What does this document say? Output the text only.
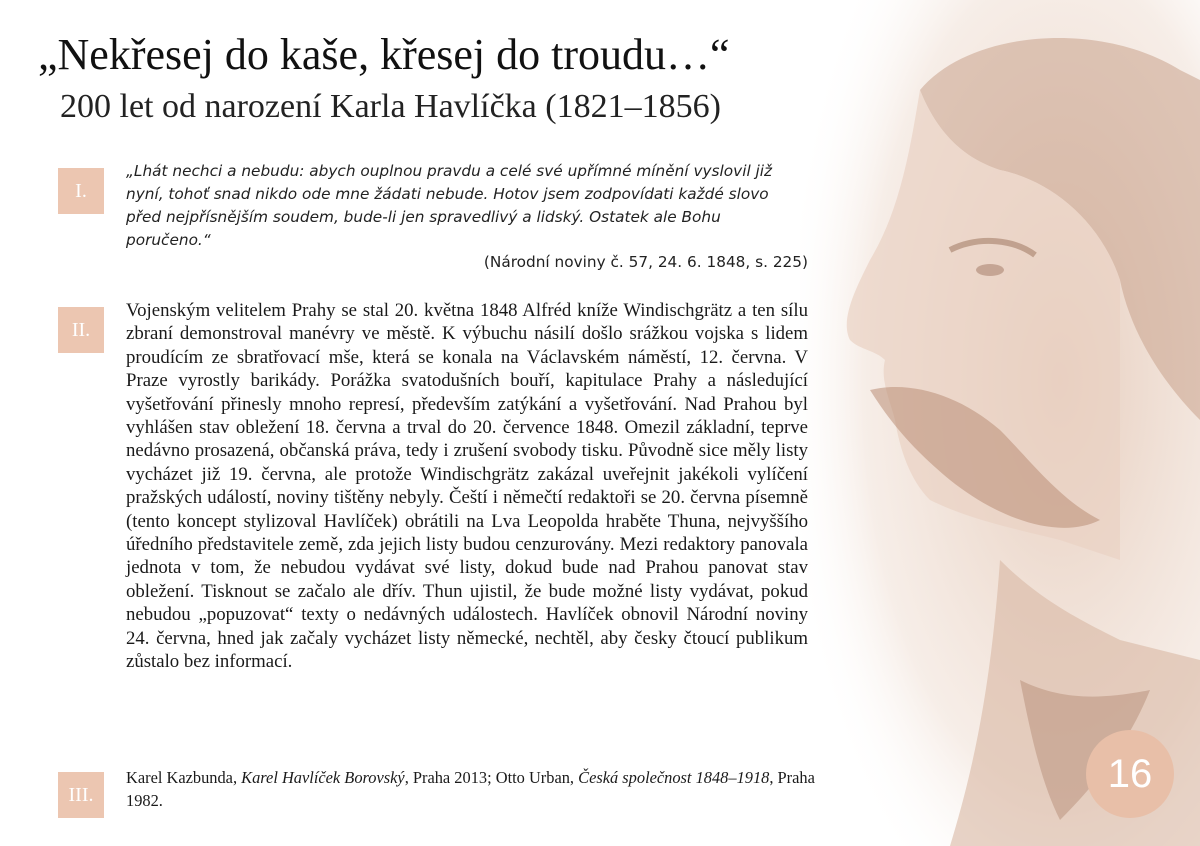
„Nekřesej do kaše, křesej do troudu…“
200 let od narození Karla Havlíčka (1821–1856)
I.
„Lhát nechci a nebudu: abych ouplnou pravdu a celé své upřímné mínění vyslovil již nyní, tohoť snad nikdo ode mne žádati nebude. Hotov jsem zodpovídati každé slovo před nejpřísnějším soudem, bude-li jen spravedlivý a lidský. Ostatek ale Bohu poručeno.“
(Národní noviny č. 57, 24. 6. 1848, s. 225)
II.
Vojenským velitelem Prahy se stal 20. května 1848 Alfréd kníže Windischgrätz a ten sílu zbraní demonstroval manévry ve městě. K výbuchu násilí došlo srážkou vojska s lidem proudícím ze sbratřovací mše, která se konala na Václavském náměstí, 12. června. V Praze vyrostly barikády. Porážka svatodušních bouří, kapitulace Prahy a následující vyšetřování přinesly mnoho represí, především zatýkání a vyšetřování. Nad Prahou byl vyhlášen stav obležení 18. června a trval do 20. července 1848. Omezil základní, teprve nedávno prosazená, občanská práva, tedy i zrušení svobody tisku. Původně sice měly listy vycházet již 19. června, ale protože Windischgrätz zakázal uveřejnit jakékoli vylíčení pražských událostí, noviny tištěny nebyly. Čeští i němečtí redaktoři se 20. června písemně (tento koncept stylizoval Havlíček) obrátili na Lva Leopolda hraběte Thuna, nejvyššího úředního představitele země, zda jejich listy budou cenzurovány. Mezi redaktory panovala jednota v tom, že nebudou vydávat své listy, dokud bude nad Prahou panovat stav obležení. Tisknout se začalo ale dřív. Thun ujistil, že bude možné listy vydávat, pokud nebudou „popuzovat“ texty o nedávných událostech. Havlíček obnovil Národní noviny 24. června, hned jak začaly vycházet listy německé, nechtěl, aby česky čtoucí publikum zůstalo bez informací.
III.
Karel Kazbunda, Karel Havlíček Borovský, Praha 2013; Otto Urban, Česká společnost 1848–1918, Praha 1982.
16
